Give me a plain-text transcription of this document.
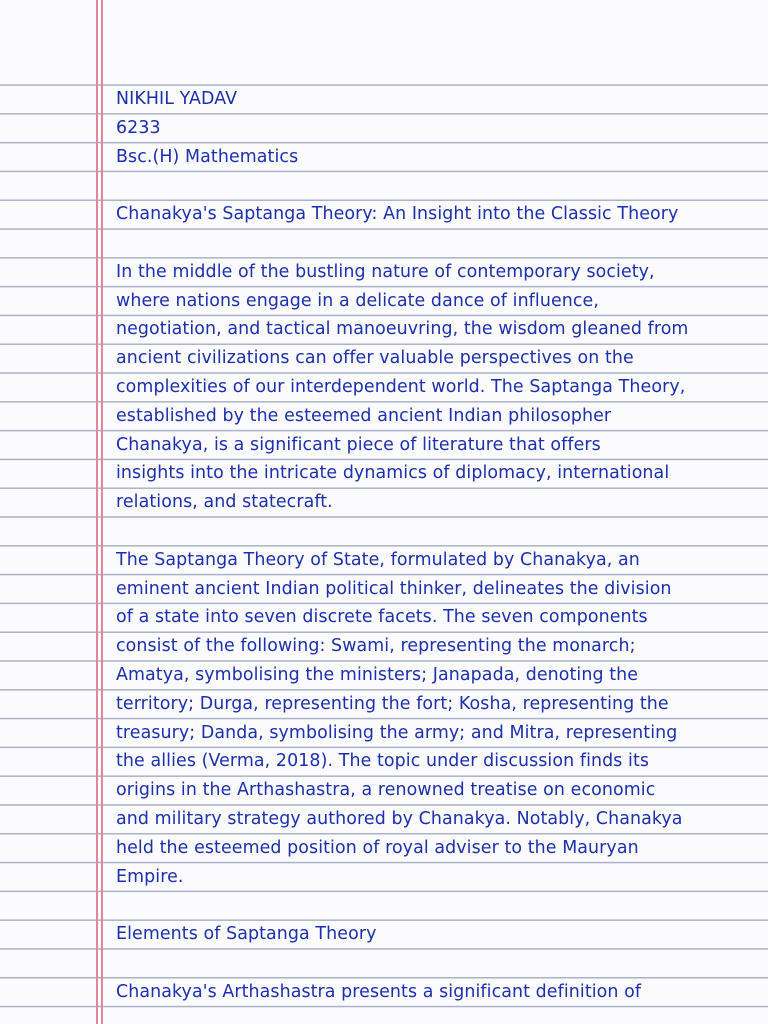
NIKHIL YADAV
6233
Bsc.(H) Mathematics
Chanakya's Saptanga Theory: An Insight into the Classic Theory
In the middle of the bustling nature of contemporary society,
where nations engage in a delicate dance of influence,
negotiation, and tactical manoeuvring, the wisdom gleaned from
ancient civilizations can offer valuable perspectives on the
complexities of our interdependent world. The Saptanga Theory,
established by the esteemed ancient Indian philosopher
Chanakya, is a significant piece of literature that offers
insights into the intricate dynamics of diplomacy, international
relations, and statecraft.
The Saptanga Theory of State, formulated by Chanakya, an
eminent ancient Indian political thinker, delineates the division
of a state into seven discrete facets. The seven components
consist of the following: Swami, representing the monarch;
Amatya, symbolising the ministers; Janapada, denoting the
territory; Durga, representing the fort; Kosha, representing the
treasury; Danda, symbolising the army; and Mitra, representing
the allies (Verma, 2018). The topic under discussion finds its
origins in the Arthashastra, a renowned treatise on economic
and military strategy authored by Chanakya. Notably, Chanakya
held the esteemed position of royal adviser to the Mauryan
Empire.
Elements of Saptanga Theory
Chanakya's Arthashastra presents a significant definition of
